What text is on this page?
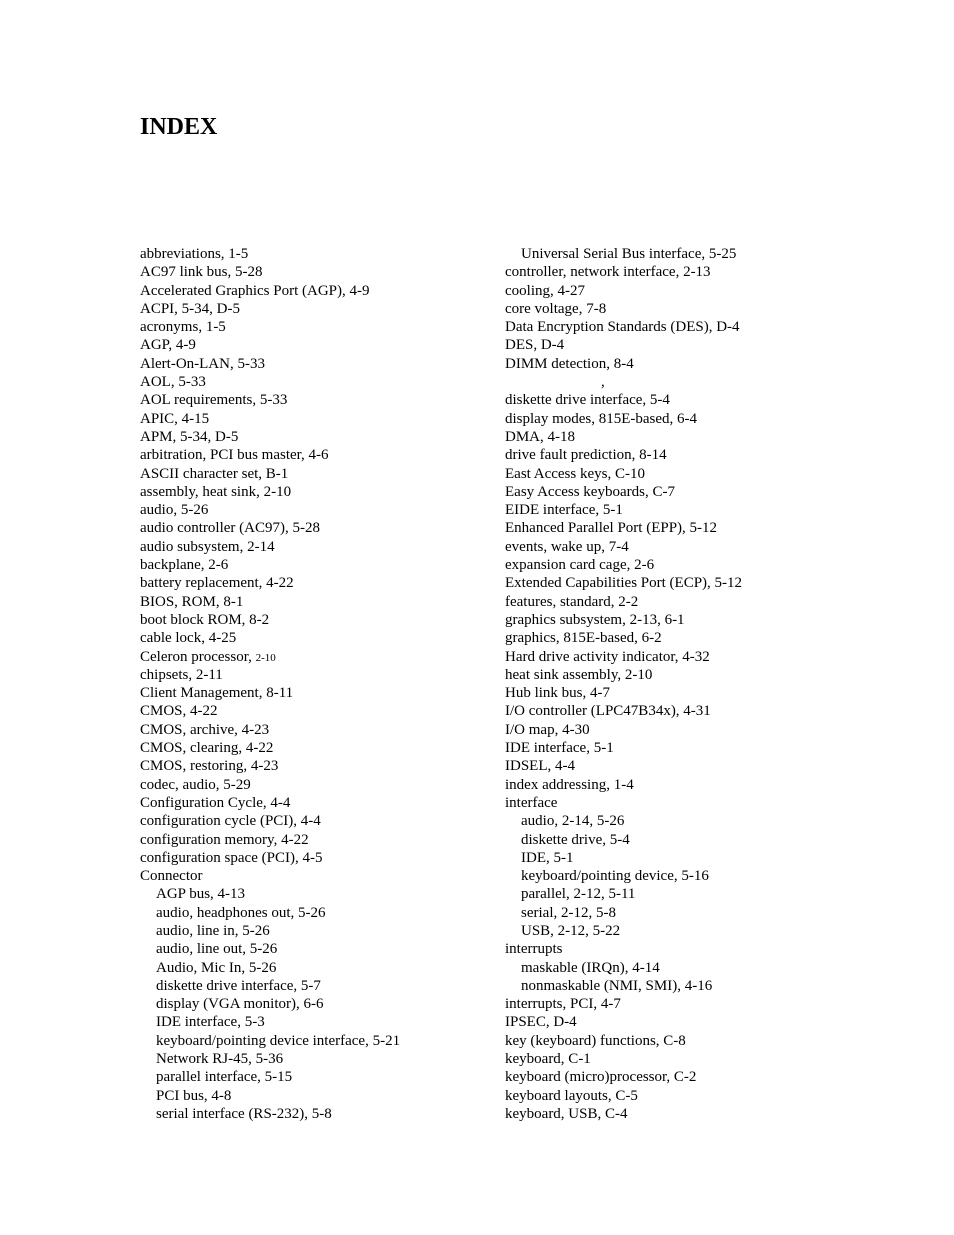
INDEX
abbreviations, 1-5
AC97 link bus, 5-28
Accelerated Graphics Port (AGP), 4-9
ACPI, 5-34, D-5
acronyms, 1-5
AGP, 4-9
Alert-On-LAN, 5-33
AOL, 5-33
AOL requirements, 5-33
APIC, 4-15
APM, 5-34, D-5
arbitration, PCI bus master, 4-6
ASCII character set, B-1
assembly, heat sink, 2-10
audio, 5-26
audio controller (AC97), 5-28
audio subsystem, 2-14
backplane, 2-6
battery replacement, 4-22
BIOS, ROM, 8-1
boot block ROM, 8-2
cable lock, 4-25
Celeron processor, 2-10
chipsets, 2-11
Client Management, 8-11
CMOS, 4-22
CMOS, archive, 4-23
CMOS, clearing, 4-22
CMOS, restoring, 4-23
codec, audio, 5-29
Configuration Cycle, 4-4
configuration cycle (PCI), 4-4
configuration memory, 4-22
configuration space (PCI), 4-5
Connector
AGP bus, 4-13
audio, headphones out, 5-26
audio, line in, 5-26
audio, line out, 5-26
Audio, Mic In, 5-26
diskette drive interface, 5-7
display (VGA monitor), 6-6
IDE interface, 5-3
keyboard/pointing device interface, 5-21
Network RJ-45, 5-36
parallel interface, 5-15
PCI bus, 4-8
serial interface (RS-232), 5-8
Universal Serial Bus interface, 5-25
controller, network interface, 2-13
cooling, 4-27
core voltage, 7-8
Data Encryption Standards (DES), D-4
DES, D-4
DIMM detection, 8-4
,
diskette drive interface, 5-4
display modes, 815E-based, 6-4
DMA, 4-18
drive fault prediction, 8-14
East Access keys, C-10
Easy Access keyboards, C-7
EIDE interface, 5-1
Enhanced Parallel Port (EPP), 5-12
events, wake up, 7-4
expansion card cage, 2-6
Extended Capabilities Port (ECP), 5-12
features, standard, 2-2
graphics subsystem, 2-13, 6-1
graphics, 815E-based, 6-2
Hard drive activity indicator, 4-32
heat sink assembly, 2-10
Hub link bus, 4-7
I/O controller (LPC47B34x), 4-31
I/O map, 4-30
IDE interface, 5-1
IDSEL, 4-4
index addressing, 1-4
interface
audio, 2-14, 5-26
diskette drive, 5-4
IDE, 5-1
keyboard/pointing device, 5-16
parallel, 2-12, 5-11
serial, 2-12, 5-8
USB, 2-12, 5-22
interrupts
maskable (IRQn), 4-14
nonmaskable (NMI, SMI), 4-16
interrupts, PCI, 4-7
IPSEC, D-4
key (keyboard) functions, C-8
keyboard, C-1
keyboard (micro)processor, C-2
keyboard layouts, C-5
keyboard, USB, C-4
